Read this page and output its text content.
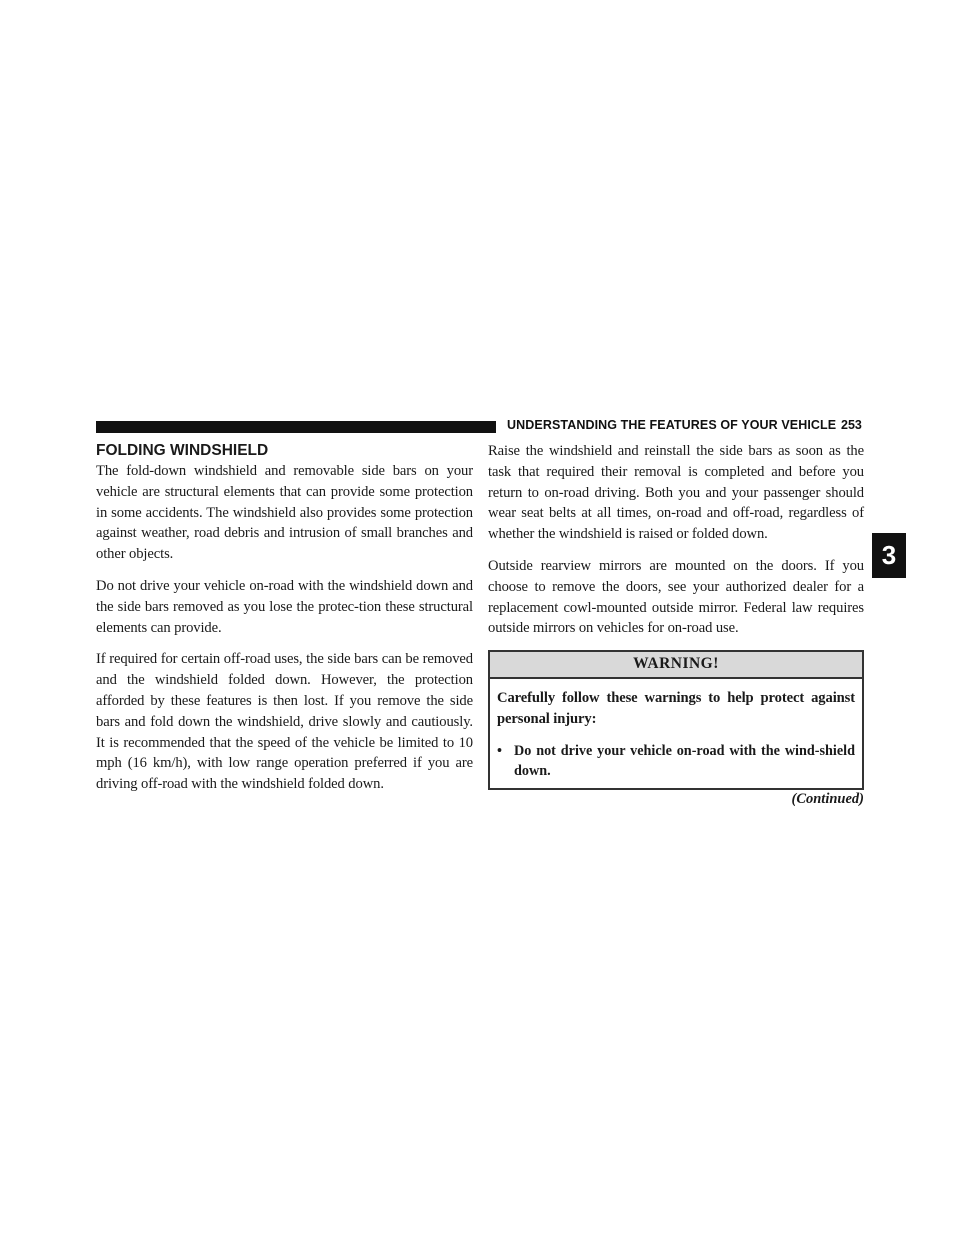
UNDERSTANDING THE FEATURES OF YOUR VEHICLE 253
3
FOLDING WINDSHIELD

The fold-down windshield and removable side bars on your vehicle are structural elements that can provide some protection in some accidents. The windshield also provides some protection against weather, road debris and intrusion of small branches and other objects.

Do not drive your vehicle on-road with the windshield down and the side bars removed as you lose the protec-tion these structural elements can provide.

If required for certain off-road uses, the side bars can be removed and the windshield folded down. However, the protection afforded by these features is then lost. If you remove the side bars and fold down the windshield, drive slowly and cautiously. It is recommended that the speed of the vehicle be limited to 10 mph (16 km/h), with low range operation preferred if you are driving off-road with the windshield folded down.

Raise the windshield and reinstall the side bars as soon as the task that required their removal is completed and before you return to on-road driving. Both you and your passenger should wear seat belts at all times, on-road and off-road, regardless of whether the windshield is raised or folded down.

Outside rearview mirrors are mounted on the doors. If you choose to remove the doors, see your authorized dealer for a replacement cowl-mounted outside mirror. Federal law requires outside mirrors on vehicles for on-road use.

WARNING!

Carefully follow these warnings to help protect against personal injury:

• Do not drive your vehicle on-road with the wind-shield down.
(Continued)
